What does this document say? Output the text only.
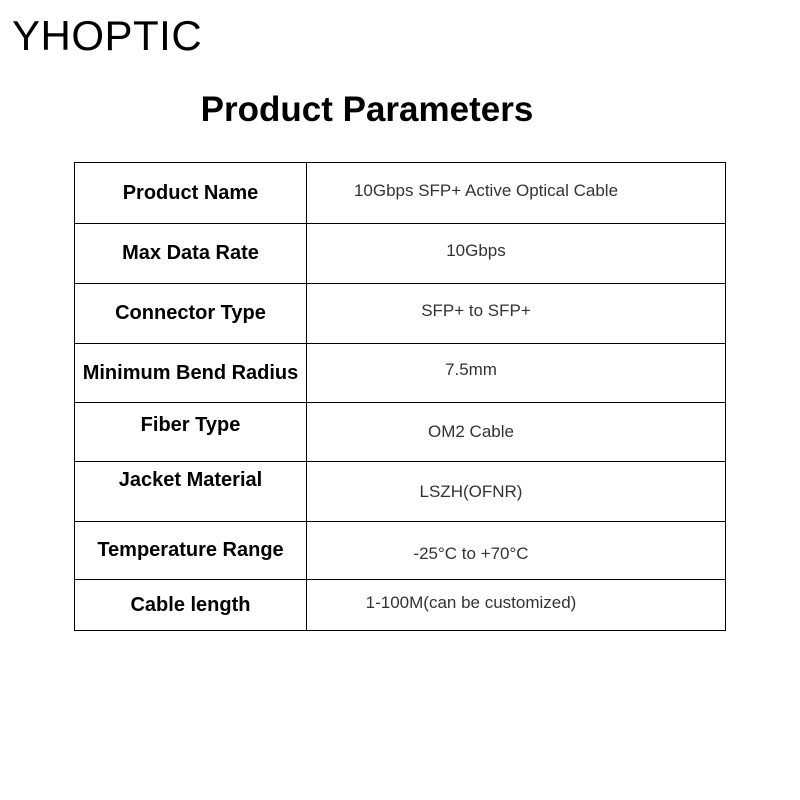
YHOPTIC
Product Parameters
Product Name	10Gbps SFP+ Active Optical Cable
Max Data Rate	10Gbps
Connector Type	SFP+ to SFP+
Minimum Bend Radius	7.5mm
Fiber Type	OM2 Cable
Jacket Material	LSZH(OFNR)
Temperature Range	-25°C to +70°C
Cable length	1-100M(can be customized)
